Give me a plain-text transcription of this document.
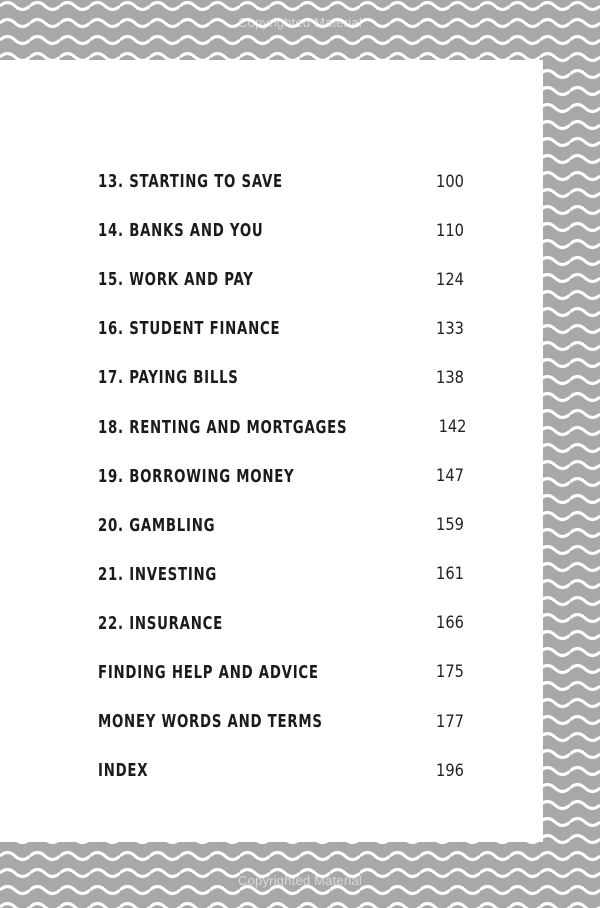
Copyrighted Material
Copyrighted Material
13. STARTING TO SAVE	100
14. BANKS AND YOU	110
15. WORK AND PAY	124
16. STUDENT FINANCE	133
17. PAYING BILLS	138
18. RENTING AND MORTGAGES	142
19. BORROWING MONEY	147
20. GAMBLING	159
21. INVESTING	161
22. INSURANCE	166
FINDING HELP AND ADVICE	175
MONEY WORDS AND TERMS	177
INDEX	196
